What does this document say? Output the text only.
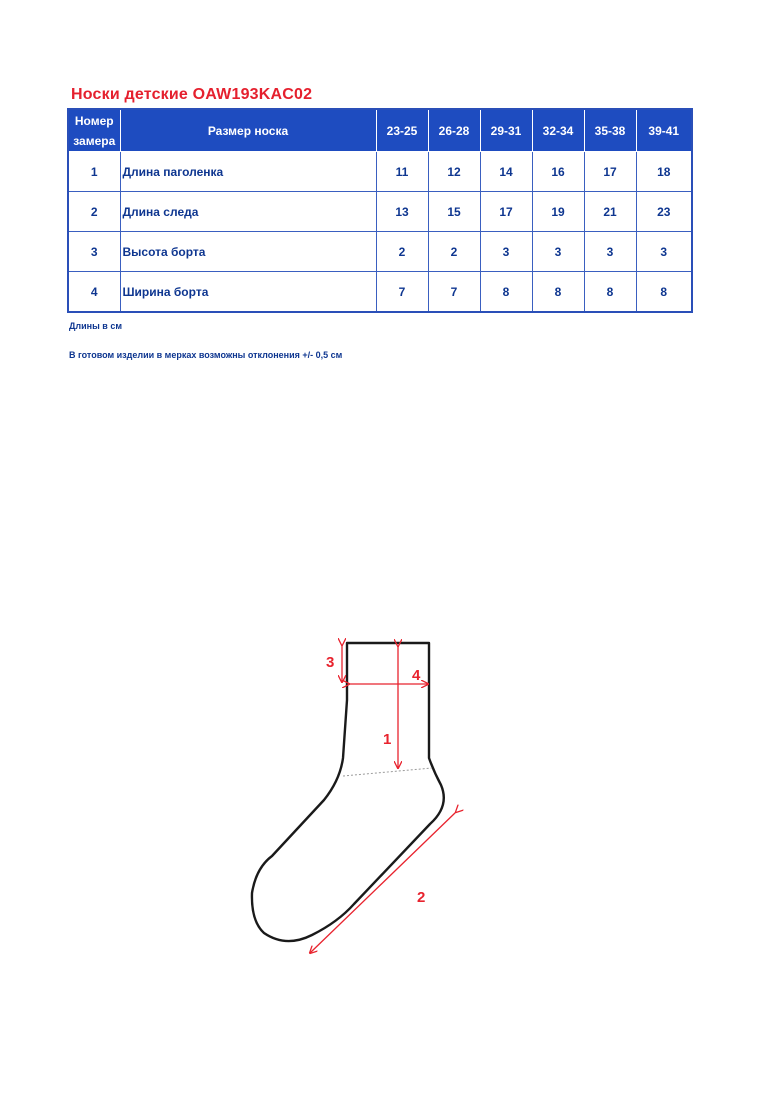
Носки детские OAW193KAC02
Номер замера	Размер носка	23-25	26-28	29-31	32-34	35-38	39-41
1	Длина паголенка	11	12	14	16	17	18
2	Длина следа	13	15	17	19	21	23
3	Высота борта	2	2	3	3	3	3
4	Ширина борта	7	7	8	8	8	8
Длины в см
В готовом изделии в мерках возможны отклонения +/- 0,5 см
3
4
1
2
